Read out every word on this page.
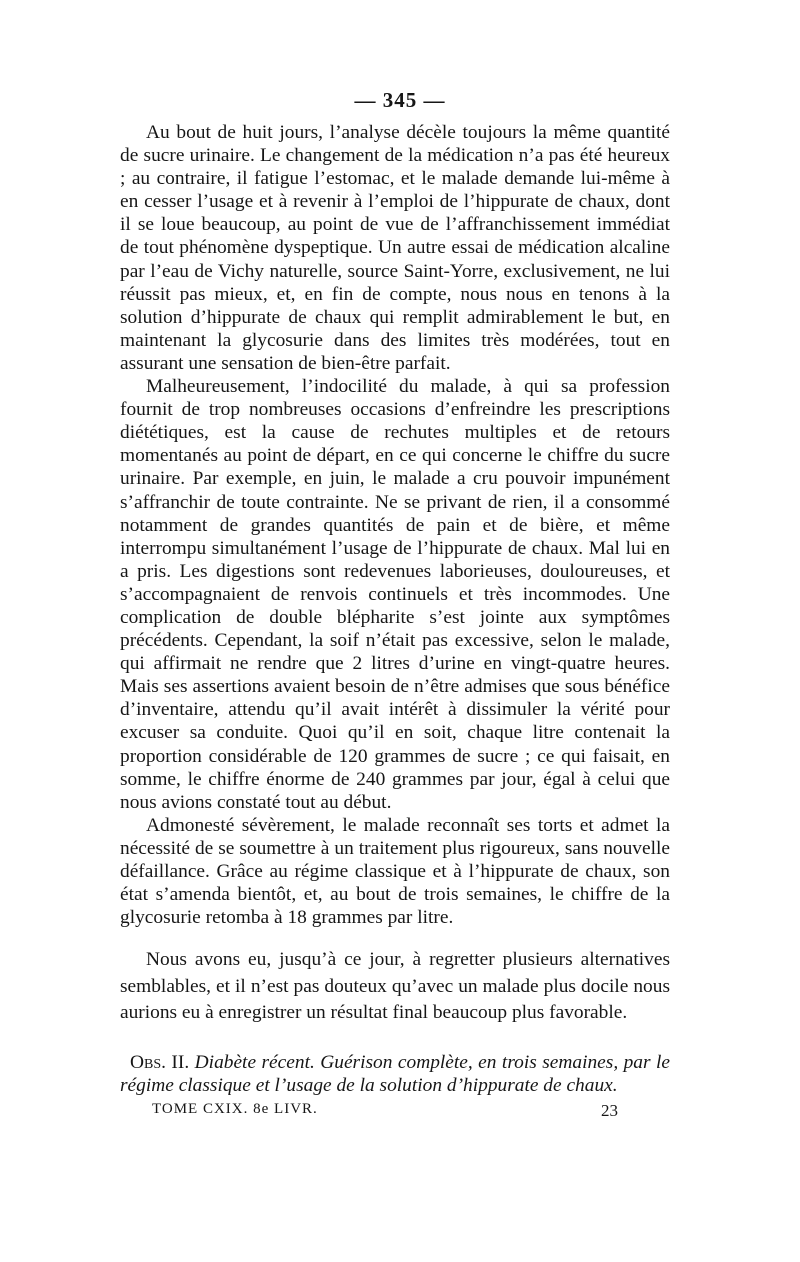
— 345 —

Au bout de huit jours, l’analyse décèle toujours la même quantité de sucre urinaire. Le changement de la médication n’a pas été heureux ; au contraire, il fatigue l’estomac, et le malade demande lui-même à en cesser l’usage et à revenir à l’emploi de l’hippurate de chaux, dont il se loue beaucoup, au point de vue de l’affranchissement immédiat de tout phénomène dyspeptique. Un autre essai de médication alcaline par l’eau de Vichy naturelle, source Saint-Yorre, exclusivement, ne lui réussit pas mieux, et, en fin de compte, nous nous en tenons à la solution d’hippurate de chaux qui remplit admirablement le but, en maintenant la glycosurie dans des limites très modérées, tout en assurant une sensation de bien-être parfait.

Malheureusement, l’indocilité du malade, à qui sa profession fournit de trop nombreuses occasions d’enfreindre les prescriptions diététiques, est la cause de rechutes multiples et de retours momentanés au point de départ, en ce qui concerne le chiffre du sucre urinaire. Par exemple, en juin, le malade a cru pouvoir impunément s’affranchir de toute contrainte. Ne se privant de rien, il a consommé notamment de grandes quantités de pain et de bière, et même interrompu simultanément l’usage de l’hippurate de chaux. Mal lui en a pris. Les digestions sont redevenues laborieuses, douloureuses, et s’accompagnaient de renvois continuels et très incommodes. Une complication de double blépharite s’est jointe aux symptômes précédents. Cependant, la soif n’était pas excessive, selon le malade, qui affirmait ne rendre que 2 litres d’urine en vingt-quatre heures. Mais ses assertions avaient besoin de n’être admises que sous bénéfice d’inventaire, attendu qu’il avait intérêt à dissimuler la vérité pour excuser sa conduite. Quoi qu’il en soit, chaque litre contenait la proportion considérable de 120 grammes de sucre ; ce qui faisait, en somme, le chiffre énorme de 240 grammes par jour, égal à celui que nous avions constaté tout au début.

Admonesté sévèrement, le malade reconnaît ses torts et admet la nécessité de se soumettre à un traitement plus rigoureux, sans nouvelle défaillance. Grâce au régime classique et à l’hippurate de chaux, son état s’amenda bientôt, et, au bout de trois semaines, le chiffre de la glycosurie retomba à 18 grammes par litre.

Nous avons eu, jusqu’à ce jour, à regretter plusieurs alternatives semblables, et il n’est pas douteux qu’avec un malade plus docile nous aurions eu à enregistrer un résultat final beaucoup plus favorable.

Obs. II. Diabète récent. Guérison complète, en trois semaines, par le régime classique et l’usage de la solution d’hippurate de chaux.

TOME CXIX. 8e LIVR.	23
